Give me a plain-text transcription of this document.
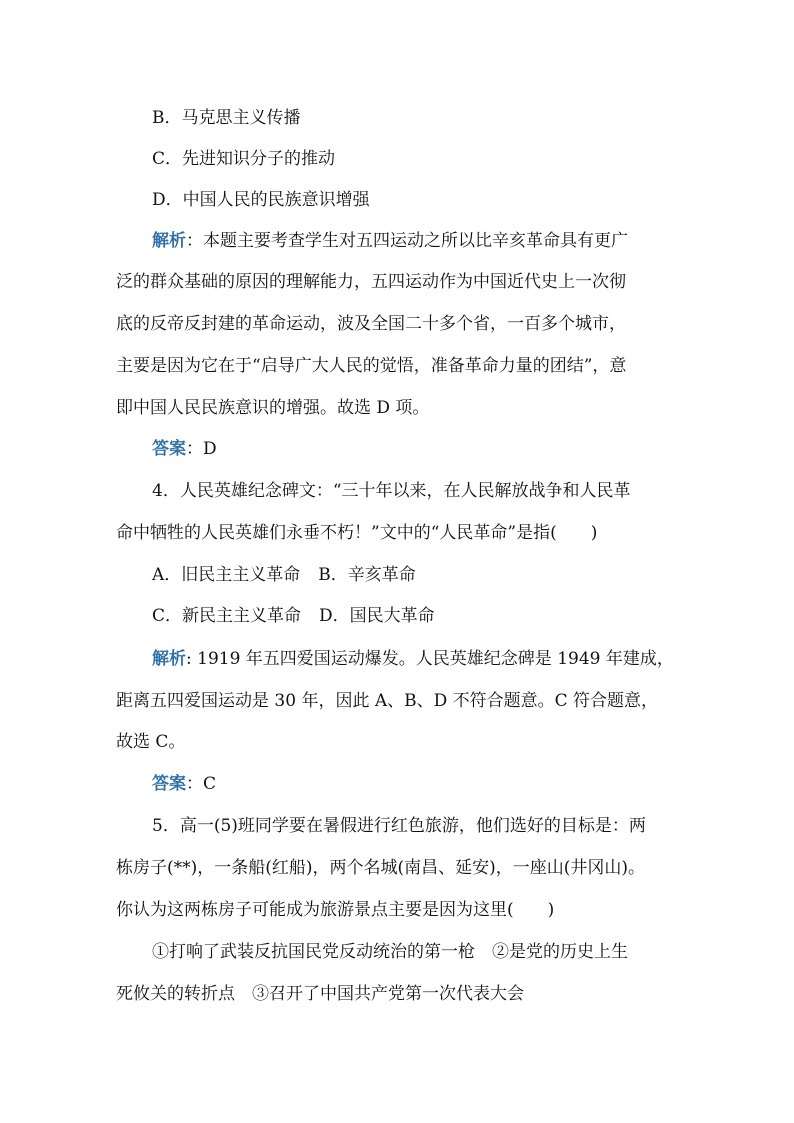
B．马克思主义传播
C．先进知识分子的推动
D．中国人民的民族意识增强
解析：本题主要考查学生对五四运动之所以比辛亥革命具有更广
泛的群众基础的原因的理解能力，五四运动作为中国近代史上一次彻
底的反帝反封建的革命运动，波及全国二十多个省，一百多个城市，
主要是因为它在于“启导广大人民的觉悟，准备革命力量的团结”，意
即中国人民民族意识的增强。故选 D 项。
答案：D
4．人民英雄纪念碑文：“三十年以来，在人民解放战争和人民革
命中牺牲的人民英雄们永垂不朽！”文中的“人民革命”是指(　　)
A．旧民主主义革命 B．辛亥革命
C．新民主主义革命 D．国民大革命
解析: 1919 年五四爱国运动爆发。人民英雄纪念碑是 1949 年建成，
距离五四爱国运动是 30 年，因此 A、B、D 不符合题意。C 符合题意，
故选 C。
答案：C
5．高一(5)班同学要在暑假进行红色旅游，他们选好的目标是：两
栋房子(**)，一条船(红船)，两个名城(南昌、延安)，一座山(井冈山)。
你认为这两栋房子可能成为旅游景点主要是因为这里(　　)
①打响了武装反抗国民党反动统治的第一枪　②是党的历史上生
死攸关的转折点　③召开了中国共产党第一次代表大会
